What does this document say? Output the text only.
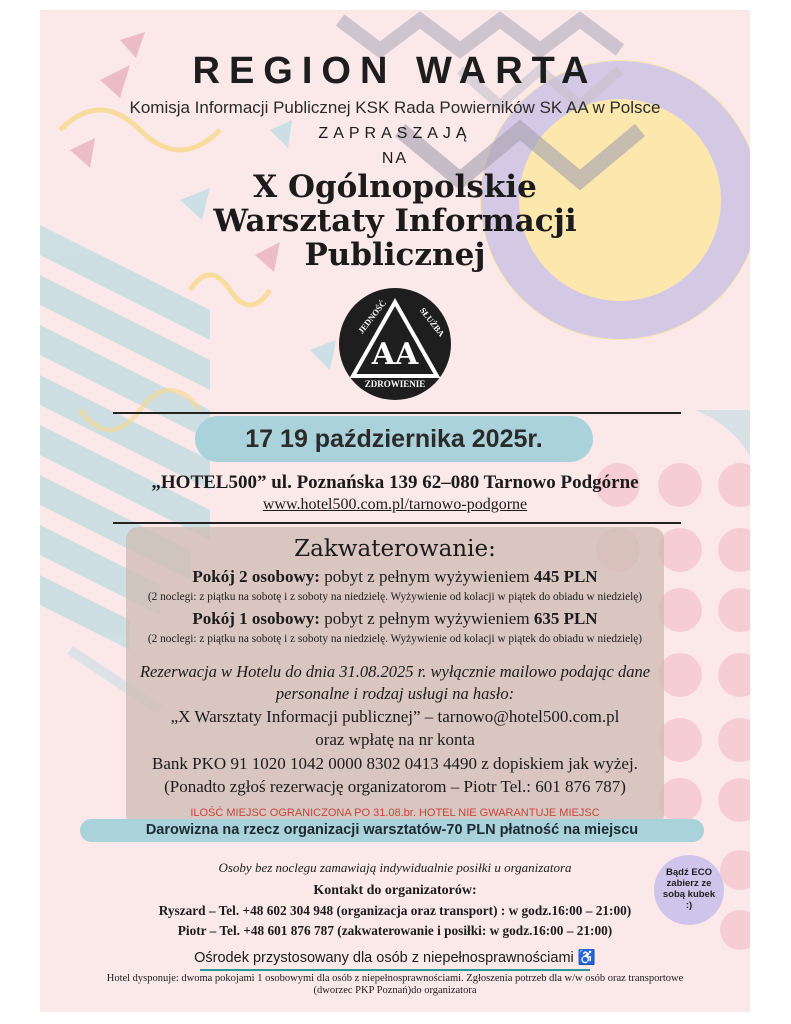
REGION WARTA
Komisja Informacji Publicznej KSK Rada Powierników SK AA w Polsce
ZAPRASZAJĄ
NA
X Ogólnopolskie
Warsztaty Informacji
Publicznej
JEDNOŚĆ	SŁUŻBA
AA
ZDROWIENIE
17 19 października 2025r.
„HOTEL500” ul. Poznańska 139 62–080 Tarnowo Podgórne
www.hotel500.com.pl/tarnowo-podgorne
Zakwaterowanie:
Pokój 2 osobowy: pobyt z pełnym wyżywieniem 445 PLN
(2 noclegi: z piątku na sobotę i z soboty na niedzielę. Wyżywienie od kolacji w piątek do obiadu w niedzielę)
Pokój 1 osobowy: pobyt z pełnym wyżywieniem 635 PLN
(2 noclegi: z piątku na sobotę i z soboty na niedzielę. Wyżywienie od kolacji w piątek do obiadu w niedzielę)
Rezerwacja w Hotelu do dnia 31.08.2025 r. wyłącznie mailowo podając dane
personalne i rodzaj usługi na hasło:
„X Warsztaty Informacji publicznej” – tarnowo@hotel500.com.pl
oraz wpłatę na nr konta
Bank PKO 91 1020 1042 0000 8302 0413 4490 z dopiskiem jak wyżej.
(Ponadto zgłoś rezerwację organizatorom – Piotr Tel.: 601 876 787)
ILOŚĆ MIEJSC OGRANICZONA PO 31.08.br. HOTEL NIE GWARANTUJE MIEJSC
Darowizna na rzecz organizacji warsztatów-70 PLN płatność na miejscu
Osoby bez noclegu zamawiają indywidualnie posiłki u organizatora
Kontakt do organizatorów:
Ryszard – Tel. +48 602 304 948 (organizacja oraz transport) : w godz.16:00 – 21:00)
Piotr – Tel. +48 601 876 787 (zakwaterowanie i posiłki: w godz.16:00 – 21:00)
Bądź ECO
zabierz ze
sobą kubek
:)
Ośrodek przystosowany dla osób z niepełnosprawnościami ♿
Hotel dysponuje: dwoma pokojami 1 osobowymi dla osób z niepełnosprawnościami. Zgłoszenia potrzeb dla w/w osób oraz transportowe
(dworzec PKP Poznań)do organizatora
